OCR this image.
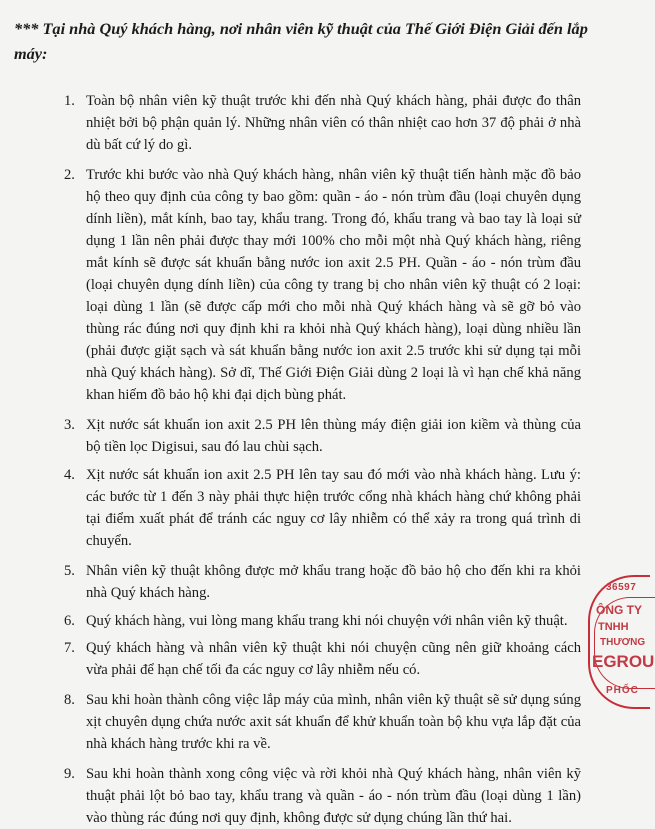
*** Tại nhà Quý khách hàng, nơi nhân viên kỹ thuật của Thế Giới Điện Giải đến lắp máy:
1. Toàn bộ nhân viên kỹ thuật trước khi đến nhà Quý khách hàng, phải được đo thân nhiệt bởi bộ phận quản lý. Những nhân viên có thân nhiệt cao hơn 37 độ phải ở nhà dù bất cứ lý do gì.
2. Trước khi bước vào nhà Quý khách hàng, nhân viên kỹ thuật tiến hành mặc đồ bảo hộ theo quy định của công ty bao gồm: quần - áo - nón trùm đầu (loại chuyên dụng dính liền), mắt kính, bao tay, khẩu trang. Trong đó, khẩu trang và bao tay là loại sử dụng 1 lần nên phải được thay mới 100% cho mỗi một nhà Quý khách hàng, riêng mắt kính sẽ được sát khuẩn bằng nước ion axit 2.5 PH. Quần - áo - nón trùm đầu (loại chuyên dụng dính liền) của công ty trang bị cho nhân viên kỹ thuật có 2 loại: loại dùng 1 lần (sẽ được cấp mới cho mỗi nhà Quý khách hàng và sẽ gỡ bỏ vào thùng rác đúng nơi quy định khi ra khỏi nhà Quý khách hàng), loại dùng nhiều lần (phải được giặt sạch và sát khuẩn bằng nước ion axit 2.5 trước khi sử dụng tại mỗi nhà Quý khách hàng). Sở dĩ, Thế Giới Điện Giải dùng 2 loại là vì hạn chế khả năng khan hiếm đồ bảo hộ khi đại dịch bùng phát.
3. Xịt nước sát khuẩn ion axit 2.5 PH lên thùng máy điện giải ion kiềm và thùng của bộ tiền lọc Digisui, sau đó lau chùi sạch.
4. Xịt nước sát khuẩn ion axit 2.5 PH lên tay sau đó mới vào nhà khách hàng. Lưu ý: các bước từ 1 đến 3 này phải thực hiện trước cổng nhà khách hàng chứ không phải tại điểm xuất phát để tránh các nguy cơ lây nhiễm có thể xảy ra trong quá trình di chuyển.
5. Nhân viên kỹ thuật không được mở khẩu trang hoặc đồ bảo hộ cho đến khi ra khỏi nhà Quý khách hàng.
6. Quý khách hàng, vui lòng mang khẩu trang khi nói chuyện với nhân viên kỹ thuật.
7. Quý khách hàng và nhân viên kỹ thuật khi nói chuyện cũng nên giữ khoảng cách vừa phải để hạn chế tối đa các nguy cơ lây nhiễm nếu có.
8. Sau khi hoàn thành công việc lắp máy của mình, nhân viên kỹ thuật sẽ sử dụng súng xịt chuyên dụng chứa nước axit sát khuẩn để khử khuẩn toàn bộ khu vựa lắp đặt của nhà khách hàng trước khi ra về.
9. Sau khi hoàn thành xong công việc và rời khỏi nhà Quý khách hàng, nhân viên kỹ thuật phải lột bỏ bao tay, khẩu trang và quần - áo - nón trùm đầu (loại dùng 1 lần) vào thùng rác đúng nơi quy định, không được sử dụng chúng lần thứ hai.
36597
ÔNG TY
TNHH
THƯƠNG
EGROU
PHỐC
